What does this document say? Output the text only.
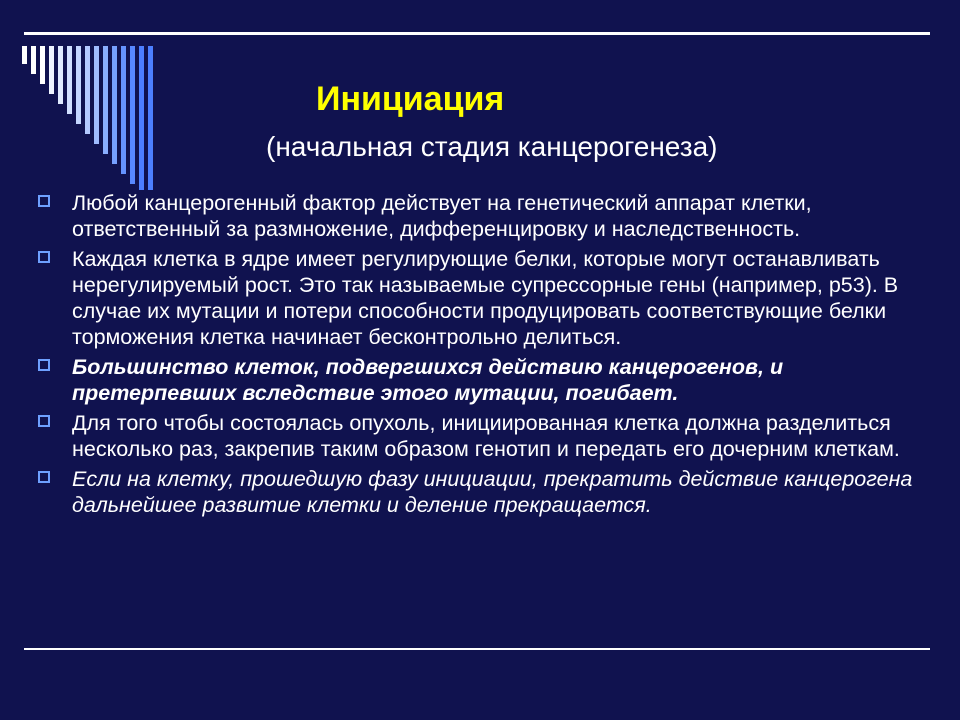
Инициация

(начальная стадия канцерогенеза)

Любой канцерогенный фактор действует на генетический аппарат клетки, ответственный за размножение, дифференцировку и наследственность.
Каждая клетка в ядре имеет регулирующие белки, которые могут останавливать нерегулируемый рост. Это так называемые супрессорные гены (например, р53). В случае их мутации и потери способности продуцировать соответствующие белки торможения клетка начинает бесконтрольно делиться.
Большинство клеток, подвергшихся действию канцерогенов, и претерпевших вследствие этого мутации, погибает.
Для того чтобы состоялась опухоль, инициированная клетка должна разделиться несколько раз, закрепив таким образом генотип и передать его дочерним клеткам.
Если на клетку, прошедшую фазу инициации, прекратить действие канцерогена дальнейшее развитие клетки и деление прекращается.
